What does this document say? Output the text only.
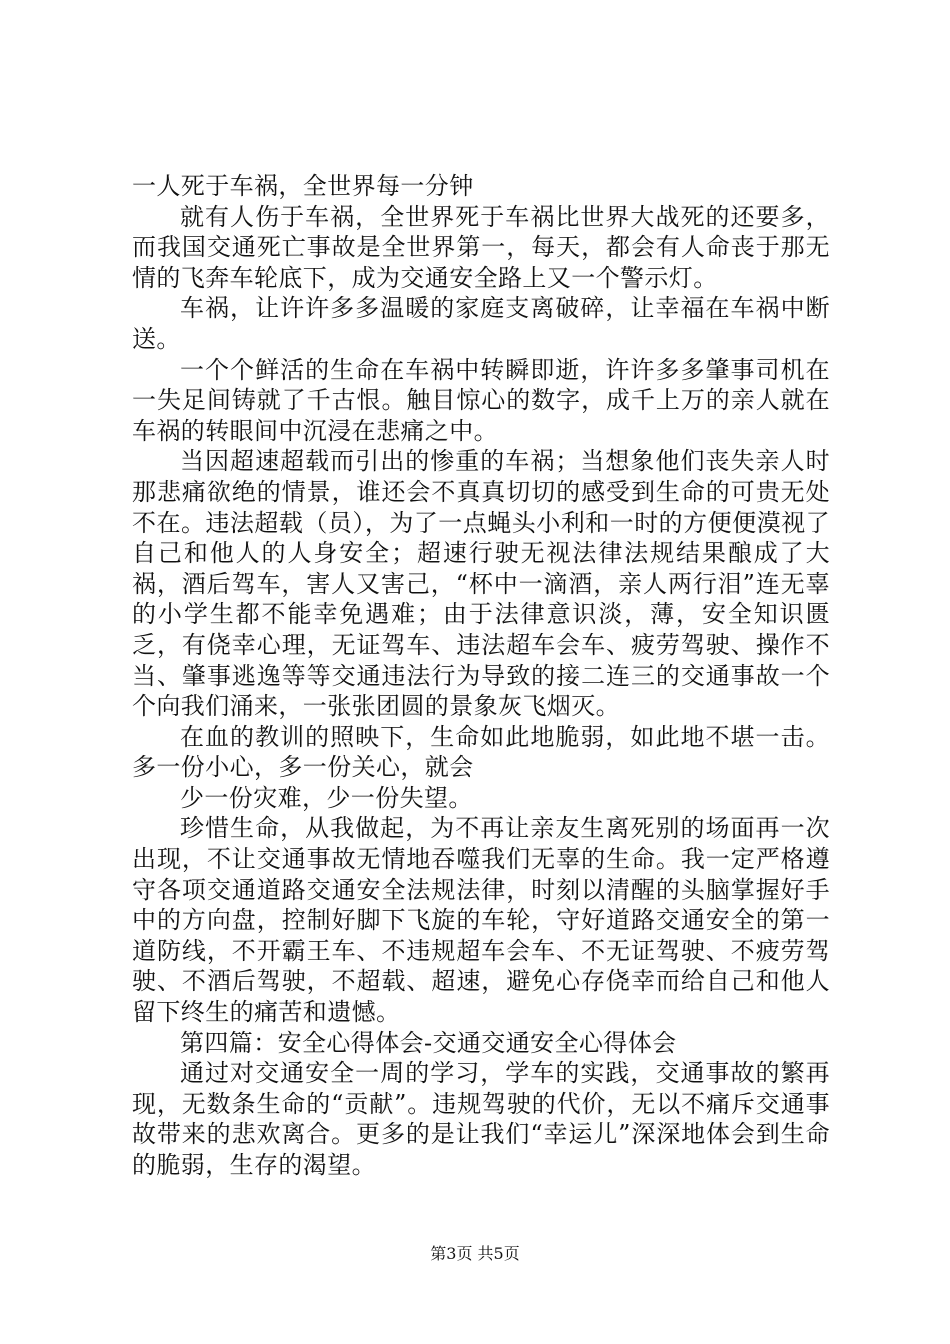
一人死于车祸，全世界每一分钟

就有人伤于车祸，全世界死于车祸比世界大战死的还要多，而我国交通死亡事故是全世界第一，每天，都会有人命丧于那无情的飞奔车轮底下，成为交通安全路上又一个警示灯。

车祸，让许许多多温暖的家庭支离破碎，让幸福在车祸中断送。

一个个鲜活的生命在车祸中转瞬即逝，许许多多肇事司机在一失足间铸就了千古恨。触目惊心的数字，成千上万的亲人就在车祸的转眼间中沉浸在悲痛之中。

当因超速超载而引出的惨重的车祸；当想象他们丧失亲人时那悲痛欲绝的情景，谁还会不真真切切的感受到生命的可贵无处不在。违法超载（员），为了一点蝇头小利和一时的方便便漠视了自己和他人的人身安全；超速行驶无视法律法规结果酿成了大祸，酒后驾车，害人又害己，“杯中一滴酒，亲人两行泪”连无辜的小学生都不能幸免遇难；由于法律意识淡，薄，安全知识匮乏，有侥幸心理，无证驾车、违法超车会车、疲劳驾驶、操作不当、肇事逃逸等等交通违法行为导致的接二连三的交通事故一个个向我们涌来，一张张团圆的景象灰飞烟灭。

在血的教训的照映下，生命如此地脆弱，如此地不堪一击。多一份小心，多一份关心，就会

少一份灾难，少一份失望。

珍惜生命，从我做起，为不再让亲友生离死别的场面再一次出现，不让交通事故无情地吞噬我们无辜的生命。我一定严格遵守各项交通道路交通安全法规法律，时刻以清醒的头脑掌握好手中的方向盘，控制好脚下飞旋的车轮，守好道路交通安全的第一道防线，不开霸王车、不违规超车会车、不无证驾驶、不疲劳驾驶、不酒后驾驶，不超载、超速，避免心存侥幸而给自己和他人留下终生的痛苦和遗憾。

第四篇：安全心得体会-交通交通安全心得体会

通过对交通安全一周的学习，学车的实践，交通事故的繁再现，无数条生命的“贡献”。违规驾驶的代价，无以不痛斥交通事故带来的悲欢离合。更多的是让我们“幸运儿”深深地体会到生命的脆弱，生存的渴望。

第3页 共5页
